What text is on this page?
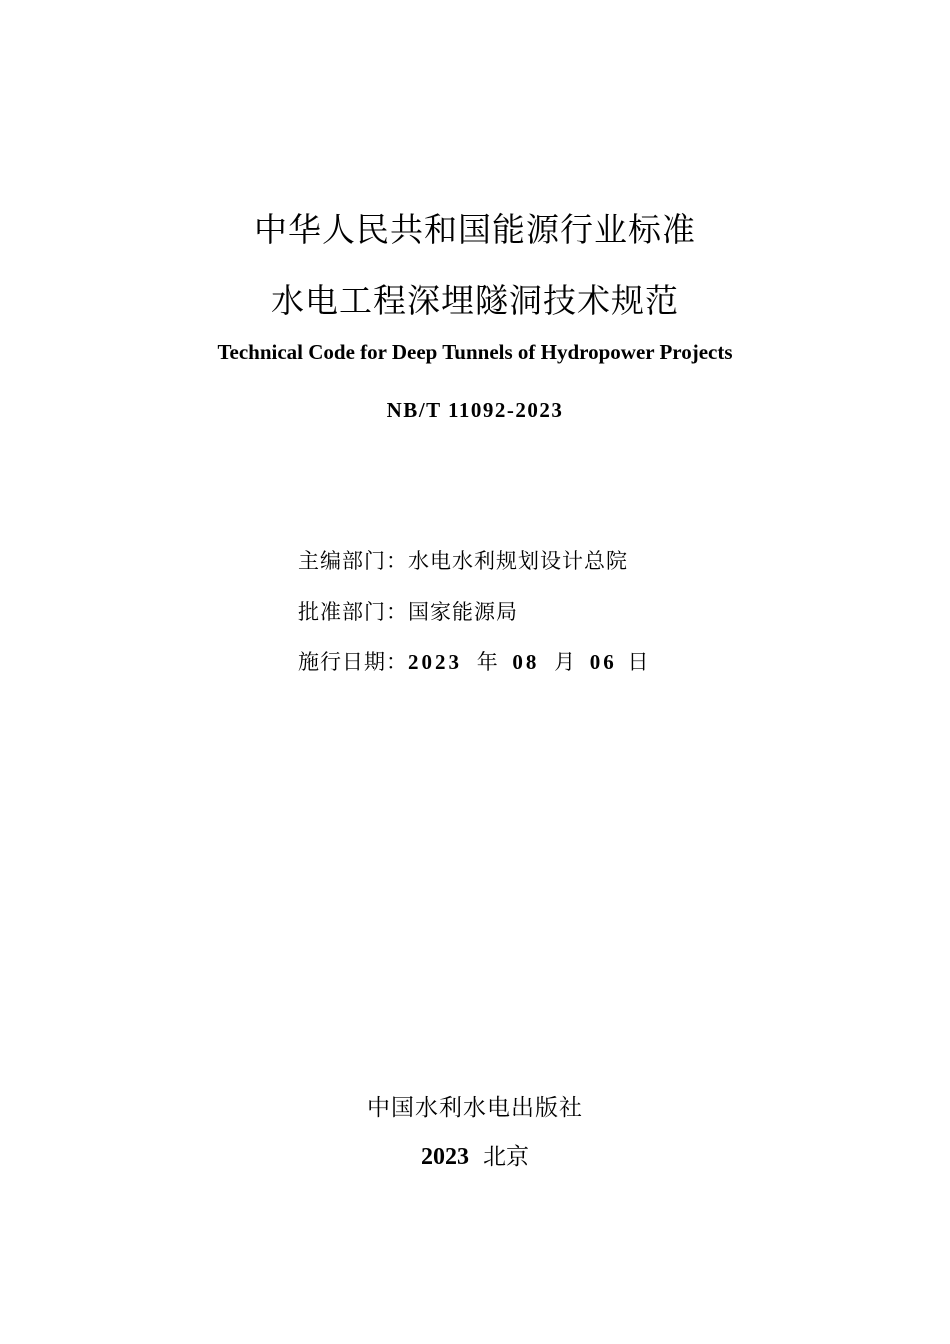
中华人民共和国能源行业标准
水电工程深埋隧洞技术规范
Technical Code for Deep Tunnels of Hydropower Projects
NB/T 11092-2023
主编部门：水电水利规划设计总院
批准部门：国家能源局
施行日期：2023 年 08 月 06 日
中国水利水电出版社
2023 北京
